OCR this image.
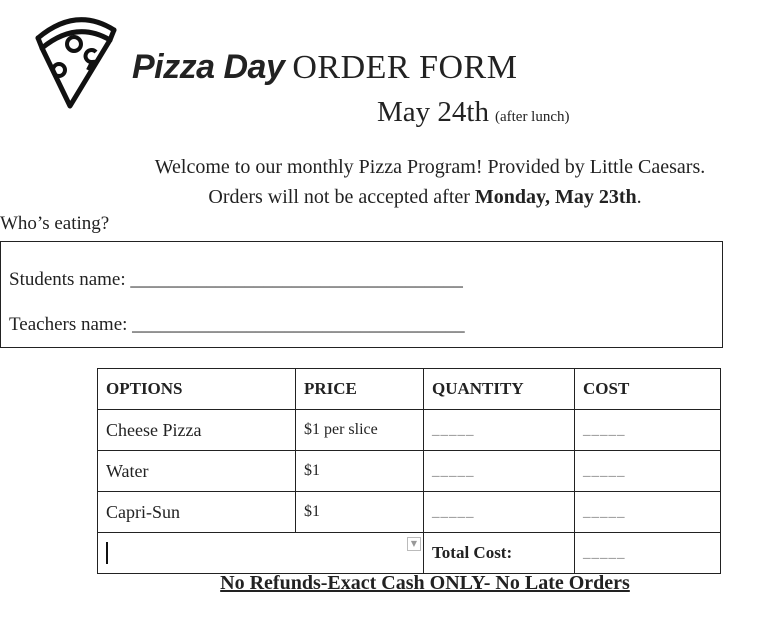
Pizza Day ORDER FORM
May 24th (after lunch)
Welcome to our monthly Pizza Program! Provided by Little Caesars.
Orders will not be accepted after Monday, May 23th.
Who’s eating?
Students name: ___________________________________
Teachers name: ___________________________________
OPTIONS	PRICE	QUANTITY	COST
Cheese Pizza	$1 per slice	_____	_____
Water	$1	_____	_____
Capri-Sun	$1	_____	_____

▼		Total Cost:	_____
No Refunds-Exact Cash ONLY- No Late Orders
